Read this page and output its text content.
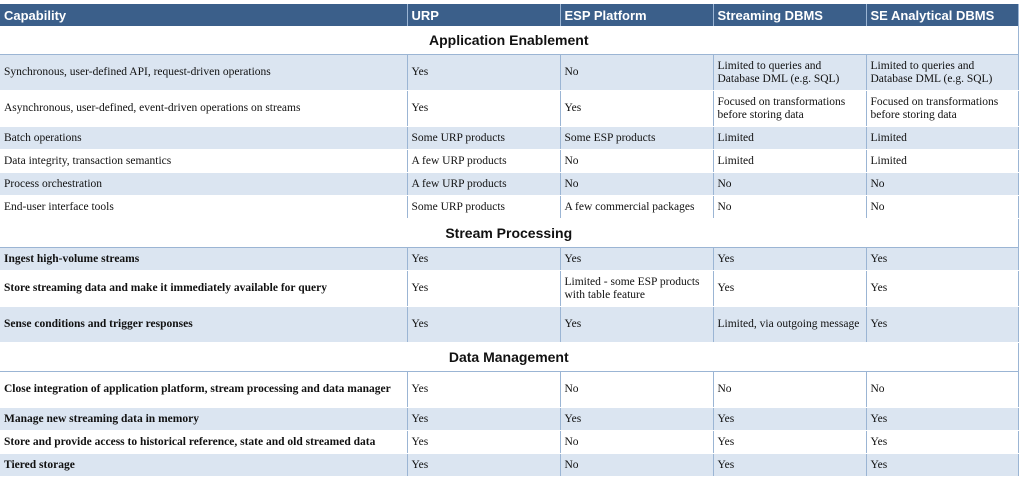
Capability	URP	ESP Platform	Streaming DBMS	SE Analytical DBMS
Application Enablement				
Synchronous, user-defined API, request-driven operations	Yes	No	Limited to queries and Database DML (e.g. SQL)	Limited to queries and Database DML (e.g. SQL)
Asynchronous, user-defined, event-driven operations on streams	Yes	Yes	Focused on transformations before storing data	Focused on transformations before storing data
Batch operations	Some URP products	Some ESP products	Limited	Limited
Data integrity, transaction semantics	A few URP products	No	Limited	Limited
Process orchestration	A few URP products	No	No	No
End-user interface tools	Some URP products	A few commercial packages	No	No
Stream Processing				
Ingest high-volume streams	Yes	Yes	Yes	Yes
Store streaming data and make it immediately available for query	Yes	Limited - some ESP products with table feature	Yes	Yes
Sense conditions and trigger responses	Yes	Yes	Limited, via outgoing message	Yes
Data Management				
Close integration of application platform, stream processing and data manager	Yes	No	No	No
Manage new streaming data in memory	Yes	Yes	Yes	Yes
Store and provide access to historical reference, state and old streamed data	Yes	No	Yes	Yes
Tiered storage	Yes	No	Yes	Yes
